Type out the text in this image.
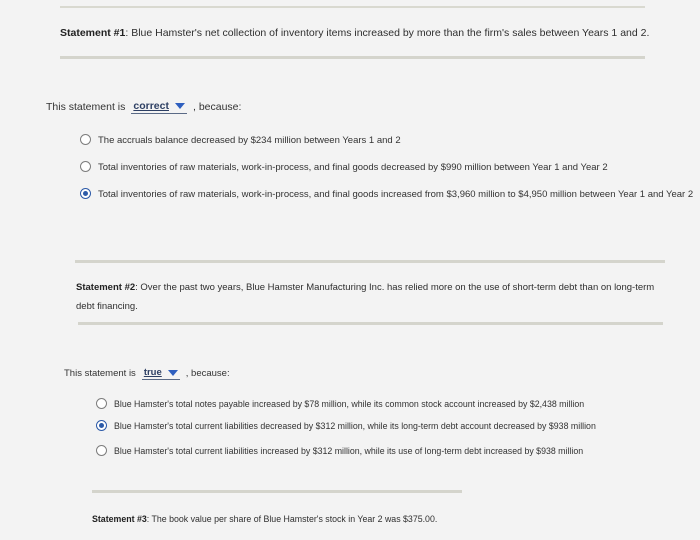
Statement #1: Blue Hamster's net collection of inventory items increased by more than the firm's sales between Years 1 and 2.
This statement is correct , because:
The accruals balance decreased by $234 million between Years 1 and 2
Total inventories of raw materials, work-in-process, and final goods decreased by $990 million between Year 1 and Year 2
Total inventories of raw materials, work-in-process, and final goods increased from $3,960 million to $4,950 million between Year 1 and Year 2
Statement #2: Over the past two years, Blue Hamster Manufacturing Inc. has relied more on the use of short-term debt than on long-term debt financing.
This statement is true	, because:
Blue Hamster's total notes payable increased by $78 million, while its common stock account increased by $2,438 million
Blue Hamster's total current liabilities decreased by $312 million, while its long-term debt account decreased by $938 million
Blue Hamster's total current liabilities increased by $312 million, while its use of long-term debt increased by $938 million
Statement #3: The book value per share of Blue Hamster's stock in Year 2 was $375.00.
